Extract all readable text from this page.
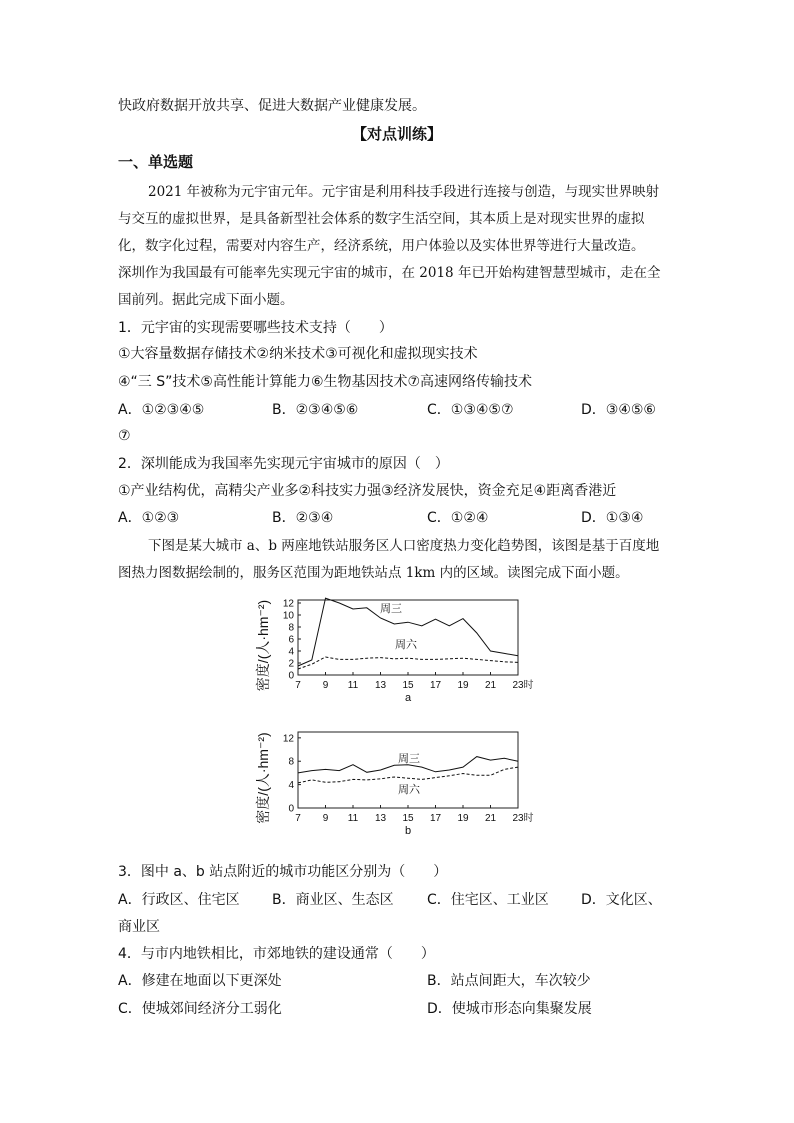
快政府数据开放共享、促进大数据产业健康发展。
【对点训练】
一、单选题
2021 年被称为元宇宙元年。元宇宙是利用科技手段进行连接与创造，与现实世界映射
与交互的虚拟世界，是具备新型社会体系的数字生活空间，其本质上是对现实世界的虚拟
化，数字化过程，需要对内容生产，经济系统，用户体验以及实体世界等进行大量改造。
深圳作为我国最有可能率先实现元宇宙的城市，在 2018 年已开始构建智慧型城市，走在全
国前列。据此完成下面小题。
1．元宇宙的实现需要哪些技术支持（　　）
①大容量数据存储技术②纳米技术③可视化和虚拟现实技术
④“三 S”技术⑤高性能计算能力⑥生物基因技术⑦高速网络传输技术
A．①②③④⑤	B．②③④⑤⑥	C．①③④⑤⑦	D．③④⑤⑥
⑦
2．深圳能成为我国率先实现元宇宙城市的原因（　）
①产业结构优，高精尖产业多②科技实力强③经济发展快，资金充足④距离香港近
A．①②③	B．②③④	C．①②④	D．①③④
下图是某大城市 a、b 两座地铁站服务区人口密度热力变化趋势图，该图是基于百度地
图热力图数据绘制的，服务区范围为距地铁站点 1km 内的区域。读图完成下面小题。
0
2
4
6
8
10
12
7 9 11 13 15 17 19 21 23时
a
密度/(人·hm⁻²)	周三
周六
0
4
8
12
7 9 11 13 15 17 19 21 23时
b
密度/(人·hm⁻²)	周三
周六
3．图中 a、b 站点附近的城市功能区分别为（　　）
A．行政区、住宅区 B．商业区、生态区 C．住宅区、工业区 D．文化区、
商业区
4．与市内地铁相比，市郊地铁的建设通常（　　）
A．修建在地面以下更深处	B．站点间距大，车次较少
C．使城郊间经济分工弱化	D．使城市形态向集聚发展
